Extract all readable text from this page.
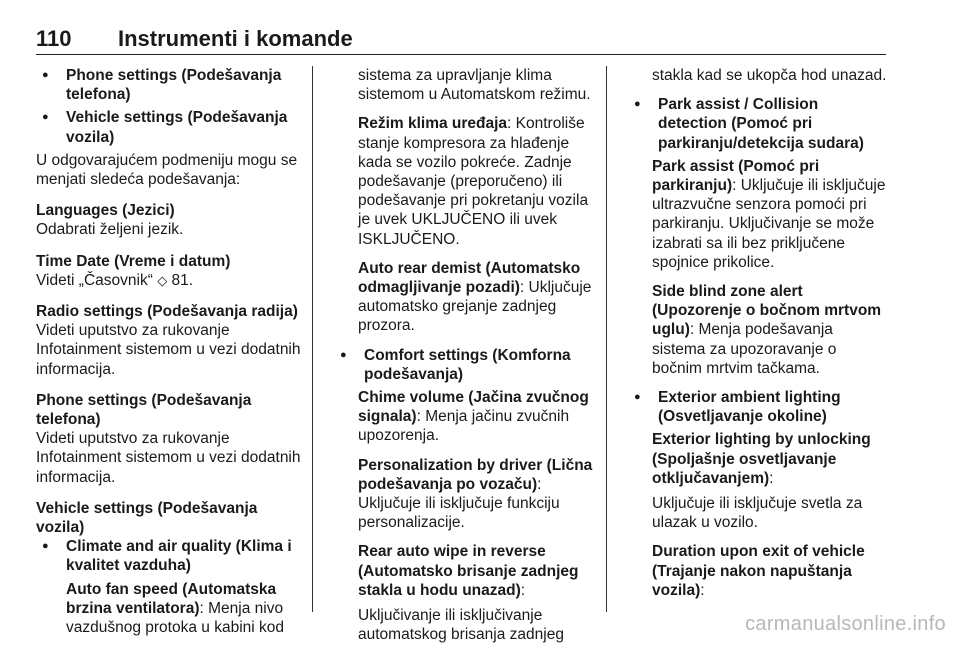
110 Instrumenti i komande
● Phone settings (Podešavanja telefona)
● Vehicle settings (Podešavanja vozila)

U odgovarajućem podmeniju mogu se menjati sledeća podešavanja:

Languages (Jezici)

Odabrati željeni jezik.

Time Date (Vreme i datum)

Videti „Časovnik“ ◇ 81.

Radio settings (Podešavanja radija)

Videti uputstvo za rukovanje Infotainment sistemom u vezi dodatnih informacija.

Phone settings (Podešavanja telefona)

Videti uputstvo za rukovanje Infotainment sistemom u vezi dodatnih informacija.

Vehicle settings (Podešavanja vozila)
● Climate and air quality (Klima i kvalitet vazduha)

Auto fan speed (Automatska brzina ventilatora): Menja nivo vazdušnog protoka u kabini kod

sistema za upravljanje klima sistemom u Automatskom režimu.

Režim klima uređaja: Kontroliše stanje kompresora za hlađenje kada se vozilo pokreće. Zadnje podešavanje (preporučeno) ili podešavanje pri pokretanju vozila je uvek UKLJUČENO ili uvek ISKLJUČENO.

Auto rear demist (Automatsko odmagljivanje pozadi): Uključuje automatsko grejanje zadnjeg prozora.

● Comfort settings (Komforna podešavanja)

Chime volume (Jačina zvučnog signala): Menja jačinu zvučnih upozorenja.

Personalization by driver (Lična podešavanja po vozaču): Uključuje ili isključuje funkciju personalizacije.

Rear auto wipe in reverse (Automatsko brisanje zadnjeg stakla u hodu unazad):

Uključivanje ili isključivanje automatskog brisanja zadnjeg

stakla kad se ukopča hod unazad.

● Park assist / Collision detection (Pomoć pri parkiranju/detekcija sudara)

Park assist (Pomoć pri parkiranju): Uključuje ili isključuje ultrazvučne senzora pomoći pri parkiranju. Uključivanje se može izabrati sa ili bez priključene spojnice prikolice.

Side blind zone alert (Upozorenje o bočnom mrtvom uglu): Menja podešavanja sistema za upozoravanje o bočnim mrtvim tačkama.

● Exterior ambient lighting (Osvetljavanje okoline)

Exterior lighting by unlocking (Spoljašnje osvetljavanje otključavanjem):

Uključuje ili isključuje svetla za ulazak u vozilo.

Duration upon exit of vehicle (Trajanje nakon napuštanja vozila):

carmanualsonline.info
